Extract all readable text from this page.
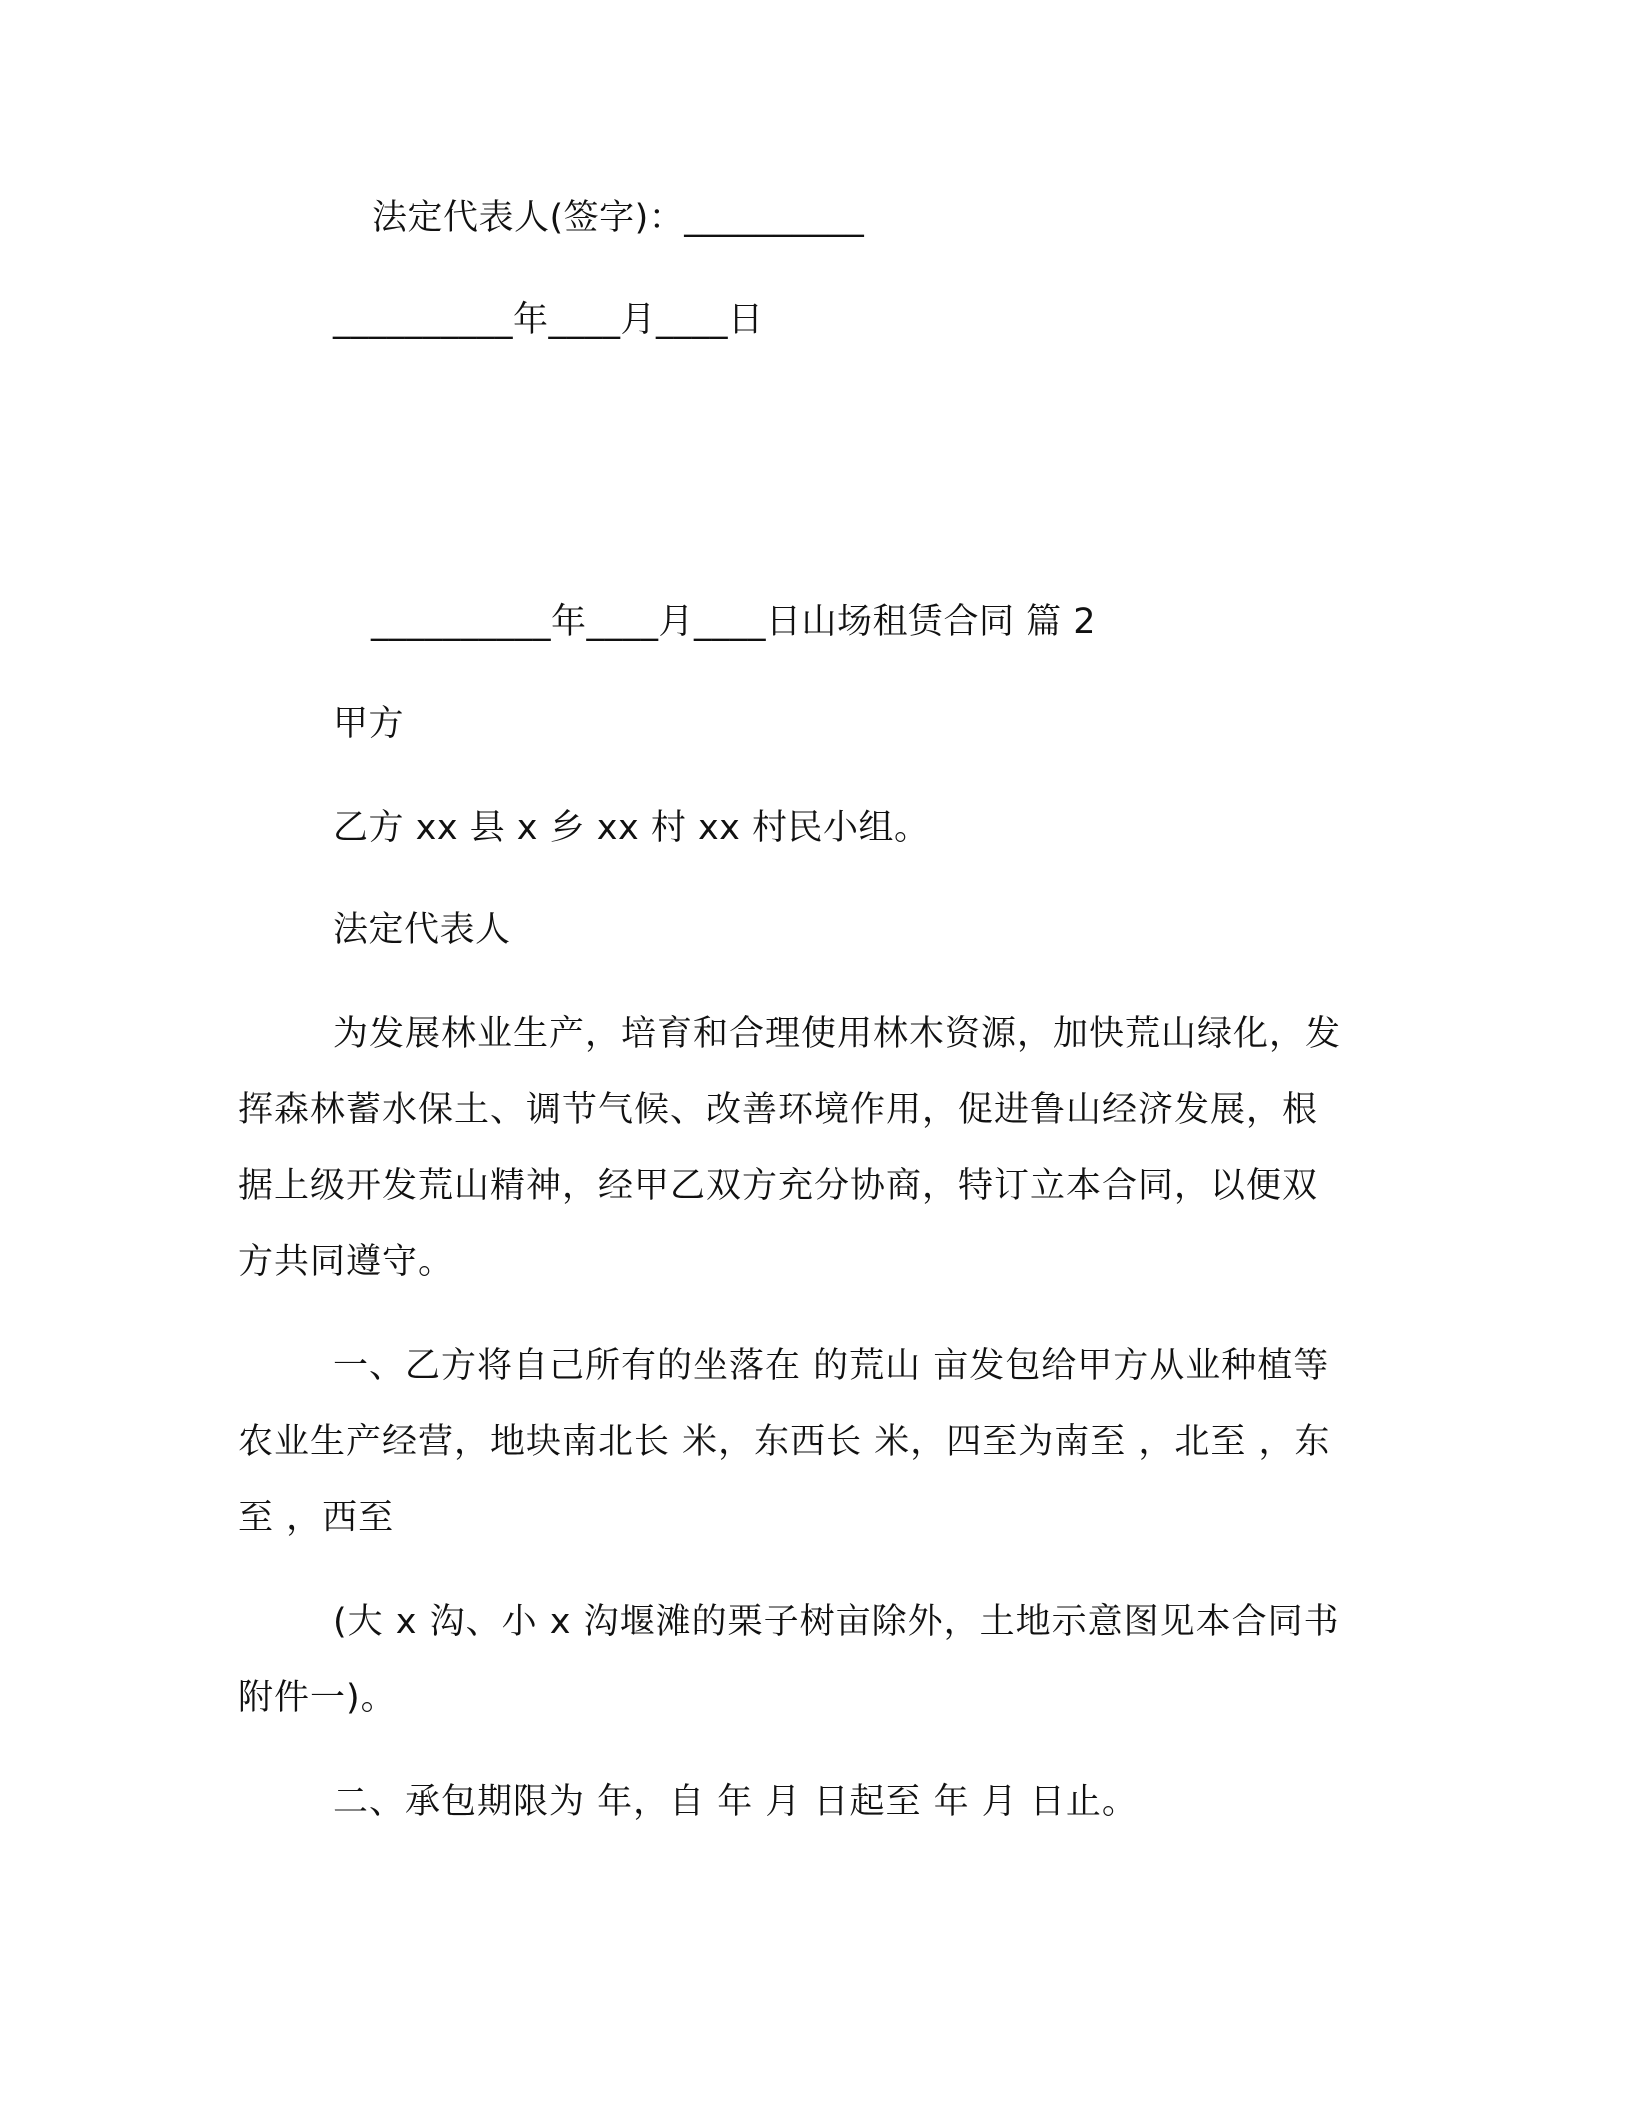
法定代表人(签字)：__________
__________年____月____日
__________年____月____日山场租赁合同 篇 2
甲方
乙方 xx 县 x 乡 xx 村 xx 村民小组。
法定代表人
为发展林业生产，培育和合理使用林木资源，加快荒山绿化，发
挥森林蓄水保土、调节气候、改善环境作用，促进鲁山经济发展，根
据上级开发荒山精神，经甲乙双方充分协商，特订立本合同，以便双
方共同遵守。
一、乙方将自己所有的坐落在 的荒山 亩发包给甲方从业种植等
农业生产经营，地块南北长 米，东西长 米，四至为南至 ，北至 ，东
至 ，西至
(大 x 沟、小 x 沟堰滩的栗子树亩除外，土地示意图见本合同书
附件一)。
二、承包期限为 年，自 年 月 日起至 年 月 日止。
